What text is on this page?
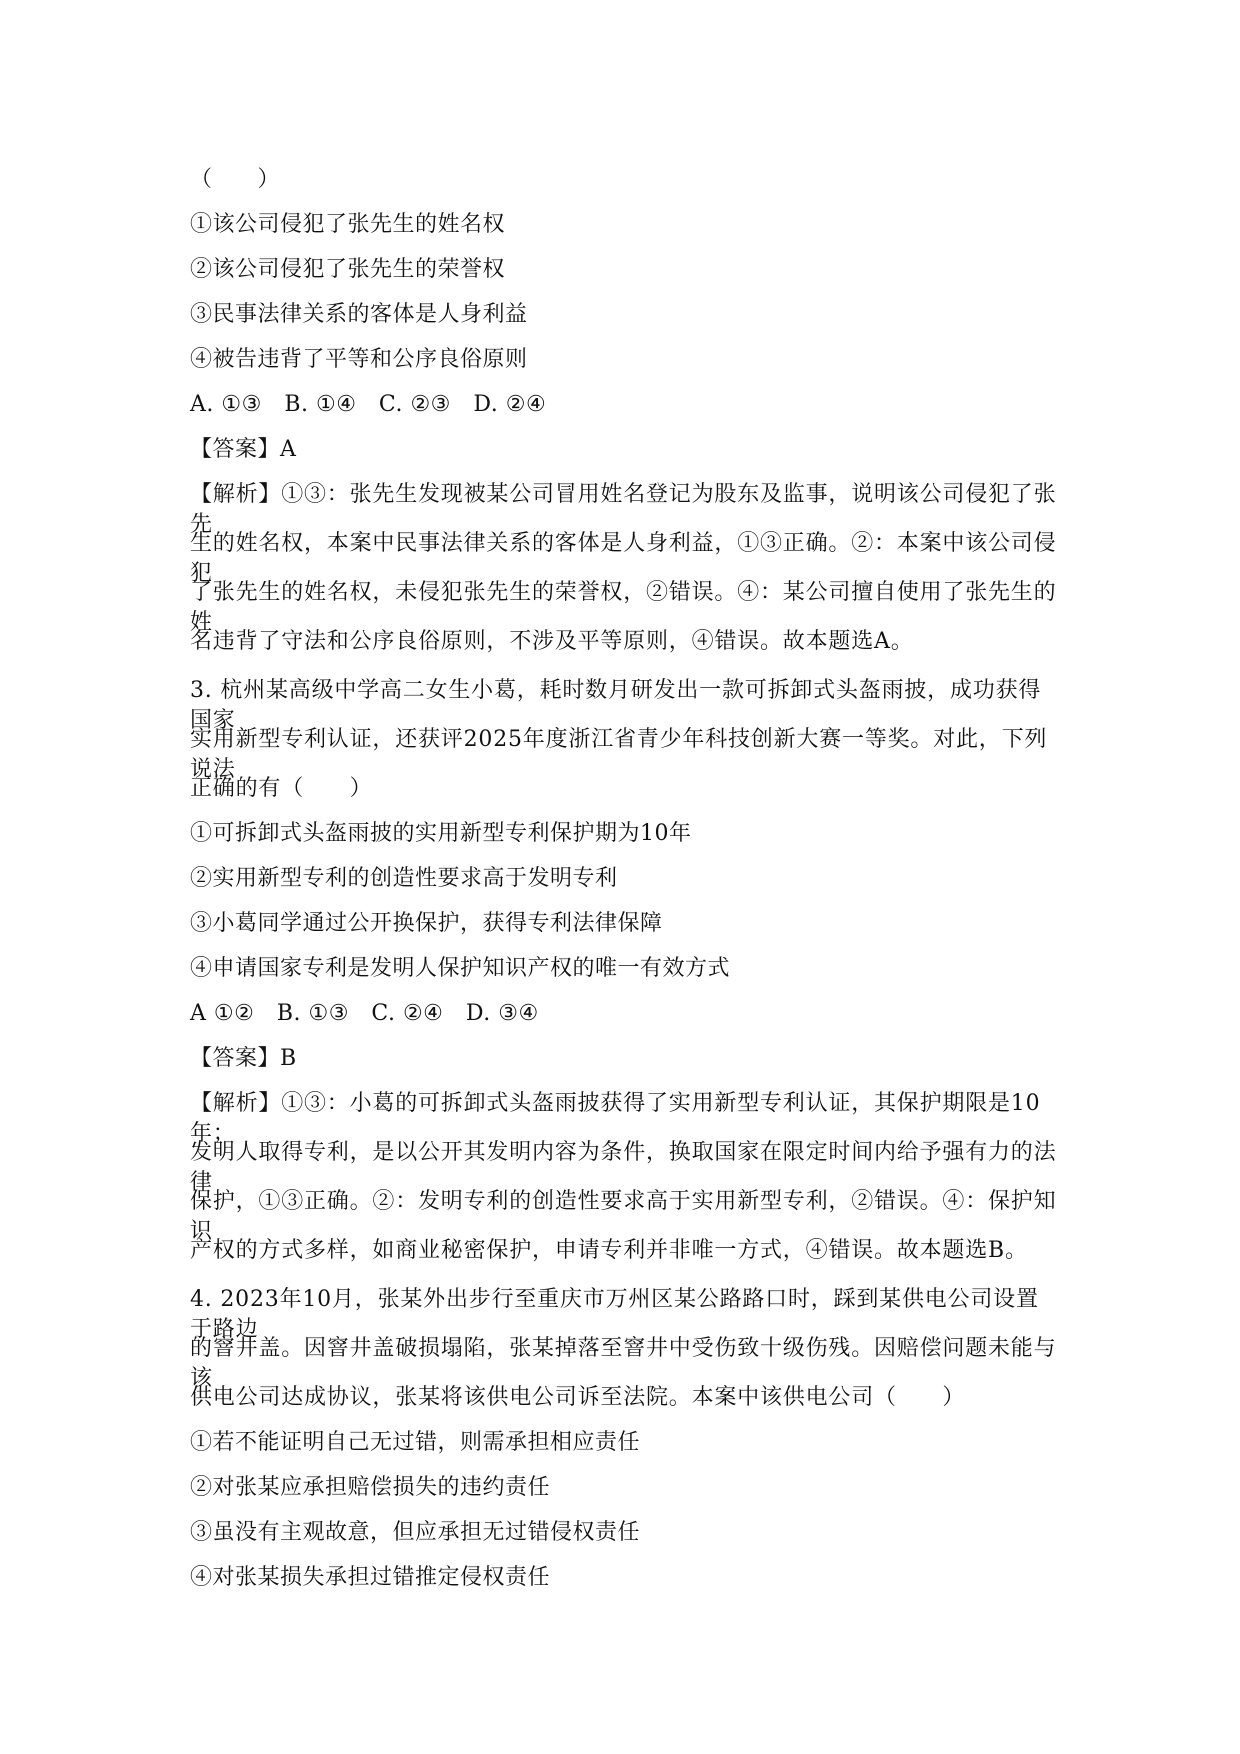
（　　）
①该公司侵犯了张先生的姓名权
②该公司侵犯了张先生的荣誉权
③民事法律关系的客体是人身利益
④被告违背了平等和公序良俗原则
A. ①③　B. ①④　C. ②③　D. ②④
【答案】A
【解析】①③：张先生发现被某公司冒用姓名登记为股东及监事，说明该公司侵犯了张先
生的姓名权，本案中民事法律关系的客体是人身利益，①③正确。②：本案中该公司侵犯
了张先生的姓名权，未侵犯张先生的荣誉权，②错误。④：某公司擅自使用了张先生的姓
名违背了守法和公序良俗原则，不涉及平等原则，④错误。故本题选A。
3. 杭州某高级中学高二女生小葛，耗时数月研发出一款可拆卸式头盔雨披，成功获得国家
实用新型专利认证，还获评2025年度浙江省青少年科技创新大赛一等奖。对此，下列说法
正确的有（　　）
①可拆卸式头盔雨披的实用新型专利保护期为10年
②实用新型专利的创造性要求高于发明专利
③小葛同学通过公开换保护，获得专利法律保障
④申请国家专利是发明人保护知识产权的唯一有效方式
A ①②　B. ①③　C. ②④　D. ③④
【答案】B
【解析】①③：小葛的可拆卸式头盔雨披获得了实用新型专利认证，其保护期限是10年；
发明人取得专利，是以公开其发明内容为条件，换取国家在限定时间内给予强有力的法律
保护，①③正确。②：发明专利的创造性要求高于实用新型专利，②错误。④：保护知识
产权的方式多样，如商业秘密保护，申请专利并非唯一方式，④错误。故本题选B。
4. 2023年10月，张某外出步行至重庆市万州区某公路路口时，踩到某供电公司设置于路边
的窨井盖。因窨井盖破损塌陷，张某掉落至窨井中受伤致十级伤残。因赔偿问题未能与该
供电公司达成协议，张某将该供电公司诉至法院。本案中该供电公司（　　）
①若不能证明自己无过错，则需承担相应责任
②对张某应承担赔偿损失的违约责任
③虽没有主观故意，但应承担无过错侵权责任
④对张某损失承担过错推定侵权责任
